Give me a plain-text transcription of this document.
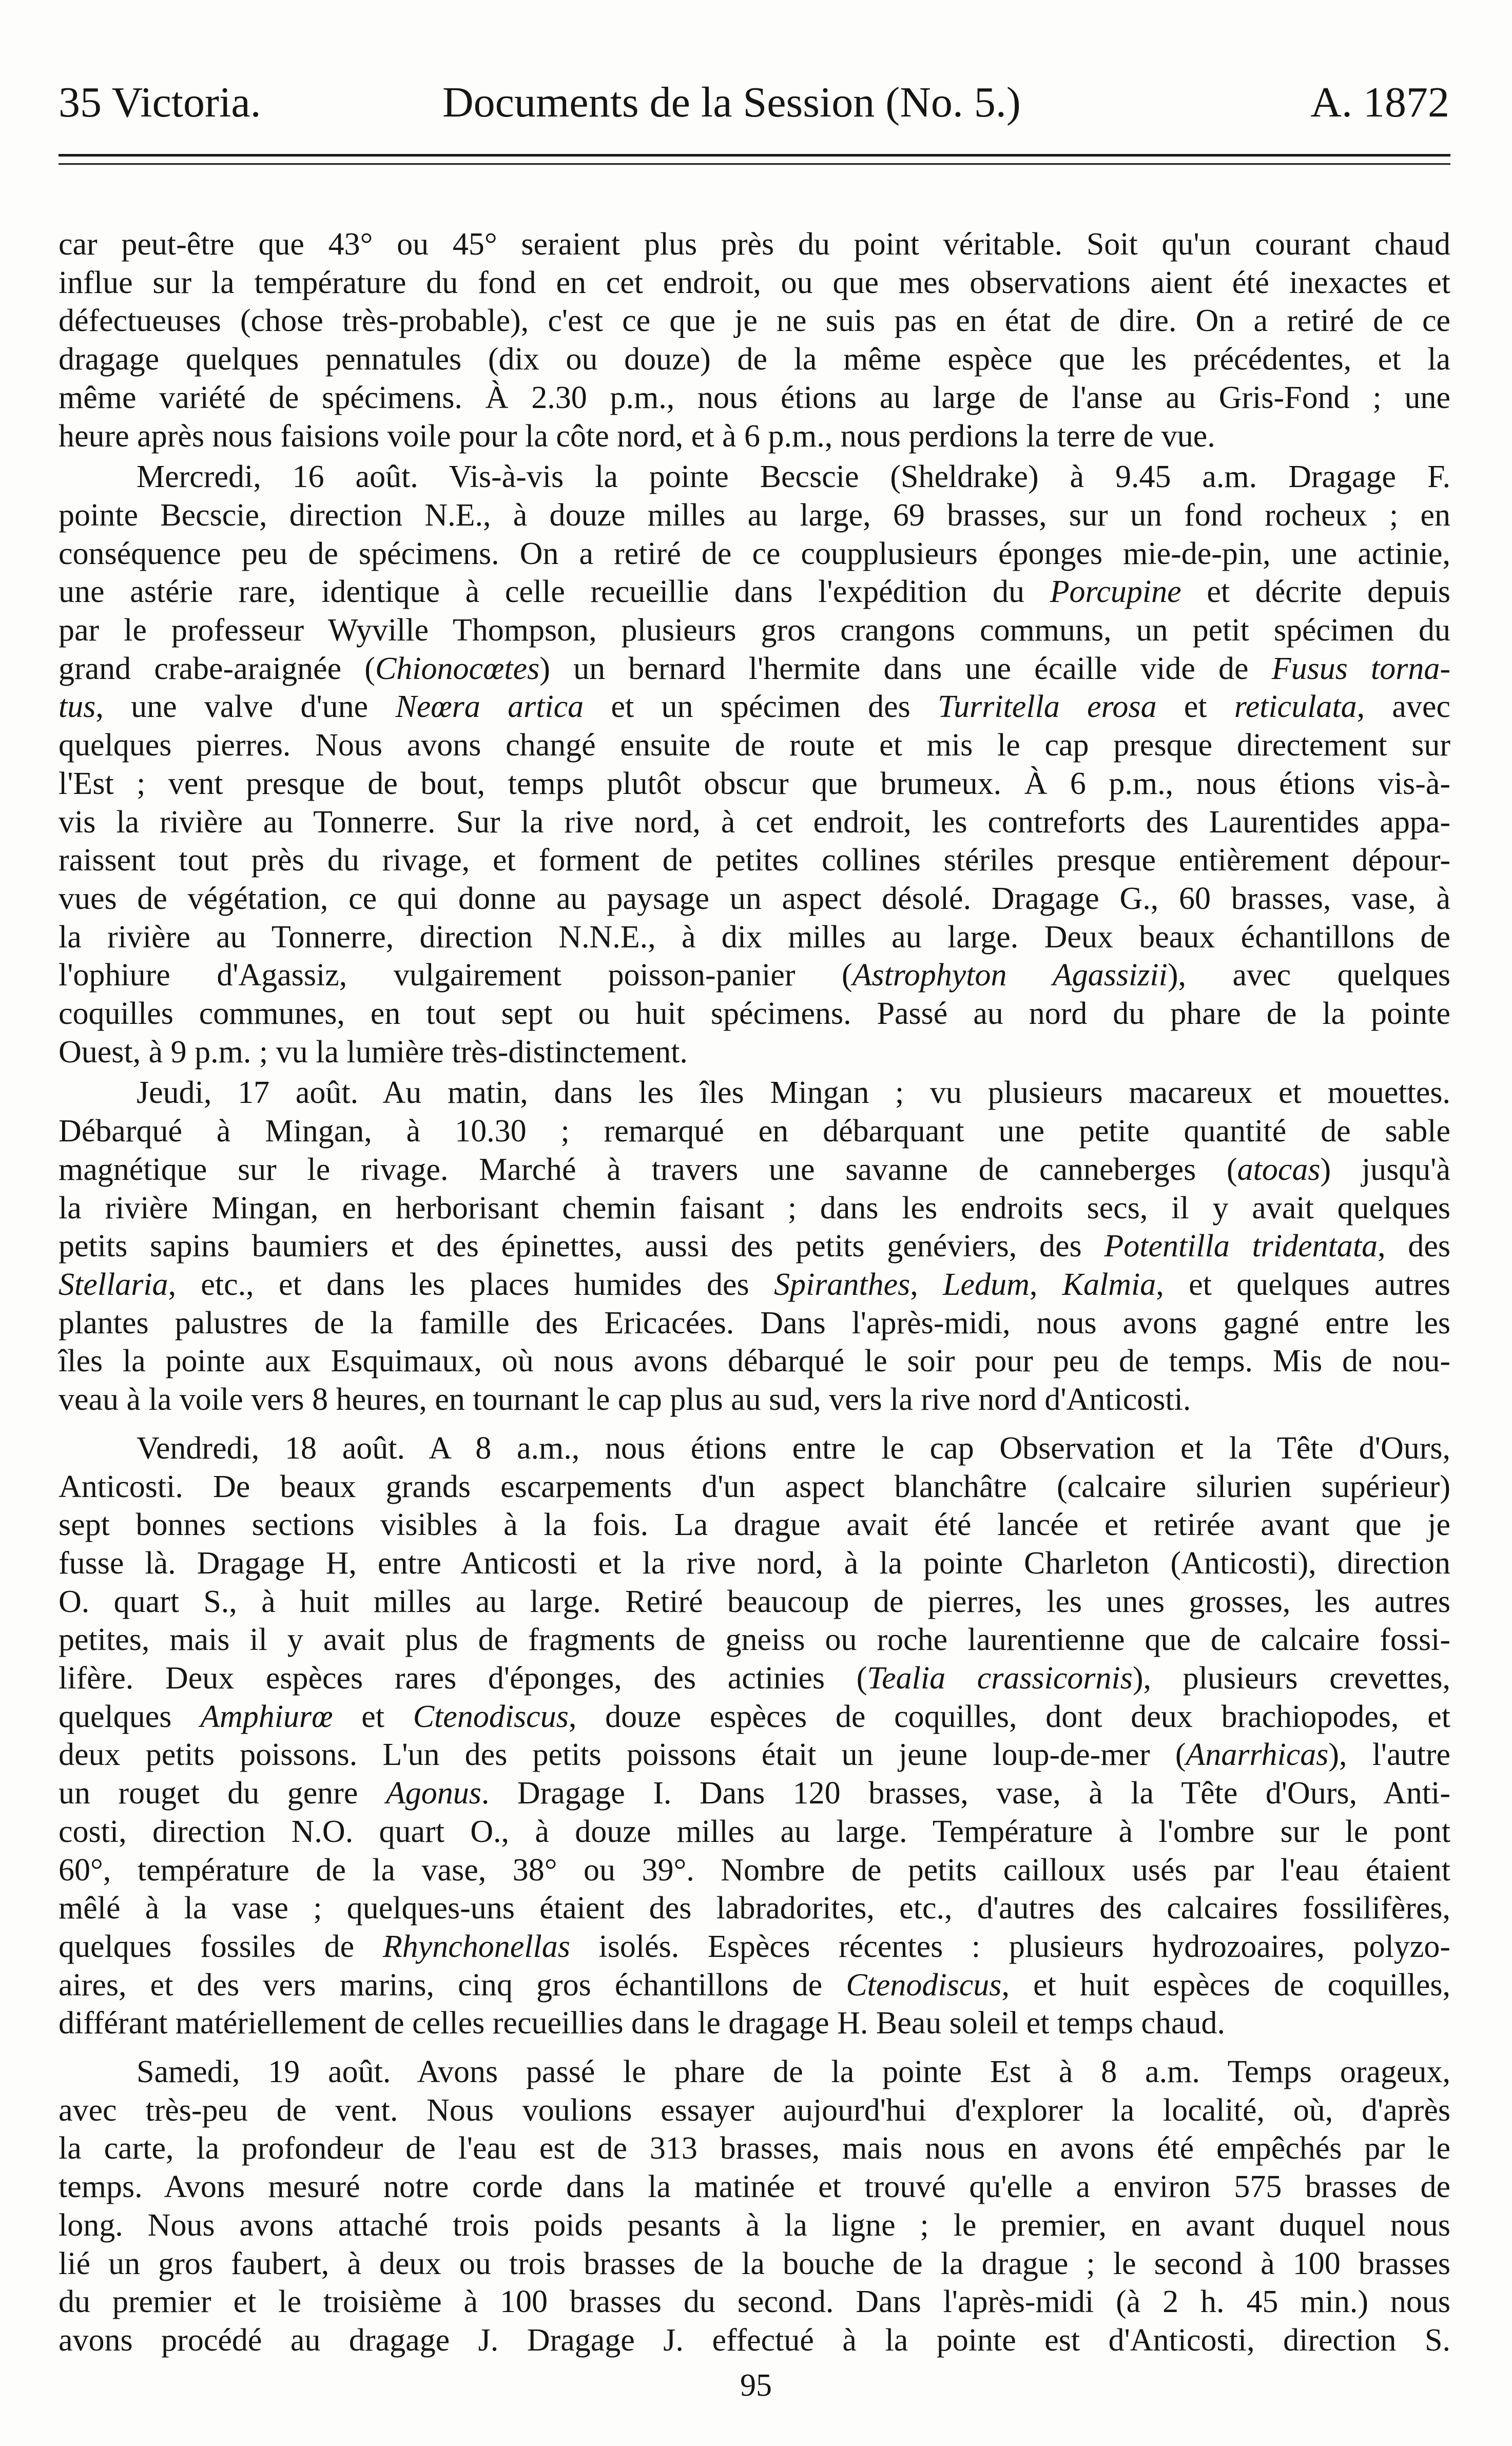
35 Victoria.	Documents de la Session (No. 5.)	A. 1872
car peut-être que 43° ou 45° seraient plus près du point véritable. Soit qu'un courant chaud
influe sur la température du fond en cet endroit, ou que mes observations aient été inexactes et
défectueuses (chose très-probable), c'est ce que je ne suis pas en état de dire. On a retiré de ce
dragage quelques pennatules (dix ou douze) de la même espèce que les précédentes, et la
même variété de spécimens. À 2.30 p.m., nous étions au large de l'anse au Gris-Fond ; une
heure après nous faisions voile pour la côte nord, et à 6 p.m., nous perdions la terre de vue.
Mercredi, 16 août. Vis-à-vis la pointe Becscie (Sheldrake) à 9.45 a.m. Dragage F.
pointe Becscie, direction N.E., à douze milles au large, 69 brasses, sur un fond rocheux ; en
conséquence peu de spécimens. On a retiré de ce coupplusieurs éponges mie-de-pin, une actinie,
une astérie rare, identique à celle recueillie dans l'expédition du Porcupine et décrite depuis
par le professeur Wyville Thompson, plusieurs gros crangons communs, un petit spécimen du
grand crabe-araignée (Chionocœtes) un bernard l'hermite dans une écaille vide de Fusus torna-
tus, une valve d'une Neœra artica et un spécimen des Turritella erosa et reticulata, avec
quelques pierres. Nous avons changé ensuite de route et mis le cap presque directement sur
l'Est ; vent presque de bout, temps plutôt obscur que brumeux. À 6 p.m., nous étions vis-à-
vis la rivière au Tonnerre. Sur la rive nord, à cet endroit, les contreforts des Laurentides appa-
raissent tout près du rivage, et forment de petites collines stériles presque entièrement dépour-
vues de végétation, ce qui donne au paysage un aspect désolé. Dragage G., 60 brasses, vase, à
la rivière au Tonnerre, direction N.N.E., à dix milles au large. Deux beaux échantillons de
l'ophiure d'Agassiz, vulgairement poisson-panier (Astrophyton Agassizii), avec quelques
coquilles communes, en tout sept ou huit spécimens. Passé au nord du phare de la pointe
Ouest, à 9 p.m. ; vu la lumière très-distinctement.
Jeudi, 17 août. Au matin, dans les îles Mingan ; vu plusieurs macareux et mouettes.
Débarqué à Mingan, à 10.30 ; remarqué en débarquant une petite quantité de sable
magnétique sur le rivage. Marché à travers une savanne de canneberges (atocas) jusqu'à
la rivière Mingan, en herborisant chemin faisant ; dans les endroits secs, il y avait quelques
petits sapins baumiers et des épinettes, aussi des petits genéviers, des Potentilla tridentata, des
Stellaria, etc., et dans les places humides des Spiranthes, Ledum, Kalmia, et quelques autres
plantes palustres de la famille des Ericacées. Dans l'après-midi, nous avons gagné entre les
îles la pointe aux Esquimaux, où nous avons débarqué le soir pour peu de temps. Mis de nou-
veau à la voile vers 8 heures, en tournant le cap plus au sud, vers la rive nord d'Anticosti.
Vendredi, 18 août. A 8 a.m., nous étions entre le cap Observation et la Tête d'Ours,
Anticosti. De beaux grands escarpements d'un aspect blanchâtre (calcaire silurien supérieur)
sept bonnes sections visibles à la fois. La drague avait été lancée et retirée avant que je
fusse là. Dragage H, entre Anticosti et la rive nord, à la pointe Charleton (Anticosti), direction
O. quart S., à huit milles au large. Retiré beaucoup de pierres, les unes grosses, les autres
petites, mais il y avait plus de fragments de gneiss ou roche laurentienne que de calcaire fossi-
lifère. Deux espèces rares d'éponges, des actinies (Tealia crassicornis), plusieurs crevettes,
quelques Amphiurœ et Ctenodiscus, douze espèces de coquilles, dont deux brachiopodes, et
deux petits poissons. L'un des petits poissons était un jeune loup-de-mer (Anarrhicas), l'autre
un rouget du genre Agonus. Dragage I. Dans 120 brasses, vase, à la Tête d'Ours, Anti-
costi, direction N.O. quart O., à douze milles au large. Température à l'ombre sur le pont
60°, température de la vase, 38° ou 39°. Nombre de petits cailloux usés par l'eau étaient
mêlé à la vase ; quelques-uns étaient des labradorites, etc., d'autres des calcaires fossilifères,
quelques fossiles de Rhynchonellas isolés. Espèces récentes : plusieurs hydrozoaires, polyzo-
aires, et des vers marins, cinq gros échantillons de Ctenodiscus, et huit espèces de coquilles,
différant matériellement de celles recueillies dans le dragage H. Beau soleil et temps chaud.
Samedi, 19 août. Avons passé le phare de la pointe Est à 8 a.m. Temps orageux,
avec très-peu de vent. Nous voulions essayer aujourd'hui d'explorer la localité, où, d'après
la carte, la profondeur de l'eau est de 313 brasses, mais nous en avons été empêchés par le
temps. Avons mesuré notre corde dans la matinée et trouvé qu'elle a environ 575 brasses de
long. Nous avons attaché trois poids pesants à la ligne ; le premier, en avant duquel nous
lié un gros faubert, à deux ou trois brasses de la bouche de la drague ; le second à 100 brasses
du premier et le troisième à 100 brasses du second. Dans l'après-midi (à 2 h. 45 min.) nous
avons procédé au dragage J. Dragage J. effectué à la pointe est d'Anticosti, direction S.
95
